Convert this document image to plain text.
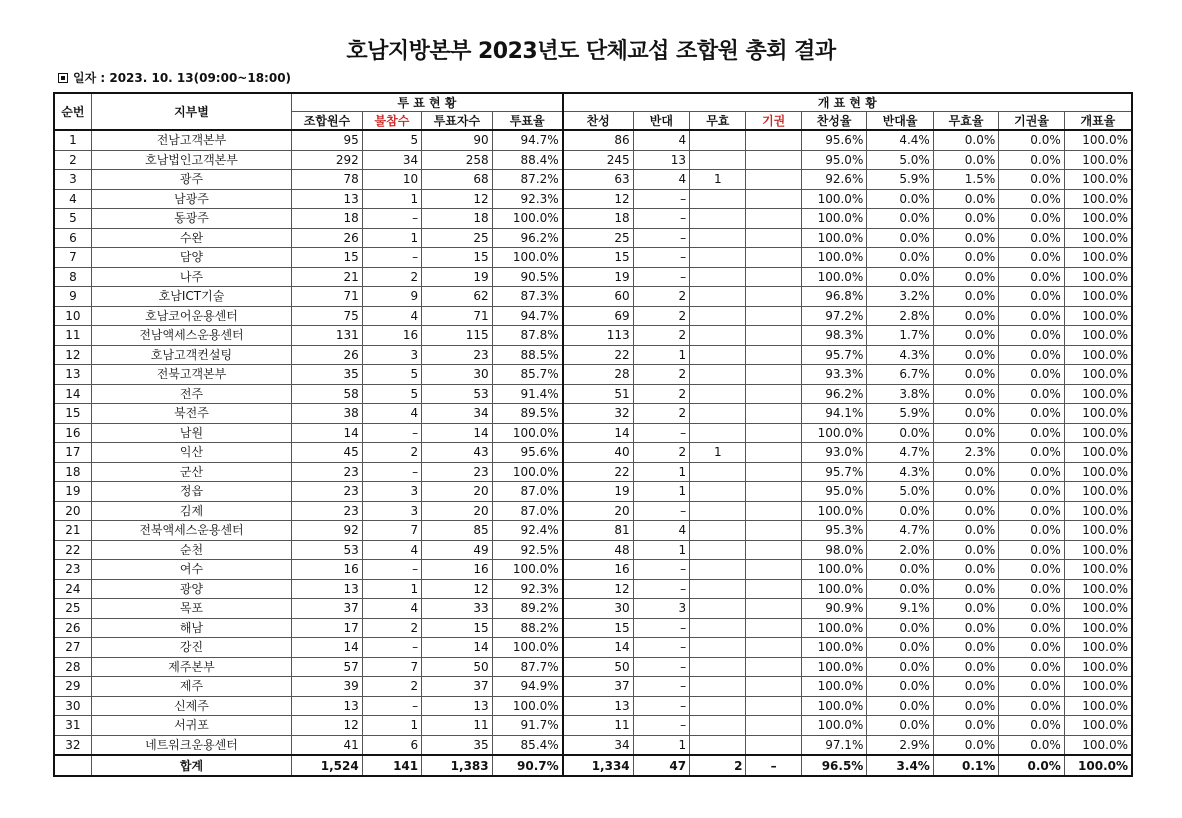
호남지방본부 2023년도 단체교섭 조합원 총회 결과
일자 : 2023. 10. 13(09:00~18:00)
순번	지부별	투 표 현 황				개 표 현 황								
		조합원수	불참수	투표자수	투표율	찬성	반대	무효	기권	찬성율	반대율	무효율	기권율	개표율
1	전남고객본부	95	5	90	94.7%	86	4			95.6%	4.4%	0.0%	0.0%	100.0%
2	호남법인고객본부	292	34	258	88.4%	245	13			95.0%	5.0%	0.0%	0.0%	100.0%
3	광주	78	10	68	87.2%	63	4	1		92.6%	5.9%	1.5%	0.0%	100.0%
4	남광주	13	1	12	92.3%	12	–			100.0%	0.0%	0.0%	0.0%	100.0%
5	동광주	18	–	18	100.0%	18	–			100.0%	0.0%	0.0%	0.0%	100.0%
6	수완	26	1	25	96.2%	25	–			100.0%	0.0%	0.0%	0.0%	100.0%
7	담양	15	–	15	100.0%	15	–			100.0%	0.0%	0.0%	0.0%	100.0%
8	나주	21	2	19	90.5%	19	–			100.0%	0.0%	0.0%	0.0%	100.0%
9	호남ICT기술	71	9	62	87.3%	60	2			96.8%	3.2%	0.0%	0.0%	100.0%
10	호남코어운용센터	75	4	71	94.7%	69	2			97.2%	2.8%	0.0%	0.0%	100.0%
11	전남액세스운용센터	131	16	115	87.8%	113	2			98.3%	1.7%	0.0%	0.0%	100.0%
12	호남고객컨설팅	26	3	23	88.5%	22	1			95.7%	4.3%	0.0%	0.0%	100.0%
13	전북고객본부	35	5	30	85.7%	28	2			93.3%	6.7%	0.0%	0.0%	100.0%
14	전주	58	5	53	91.4%	51	2			96.2%	3.8%	0.0%	0.0%	100.0%
15	북전주	38	4	34	89.5%	32	2			94.1%	5.9%	0.0%	0.0%	100.0%
16	남원	14	–	14	100.0%	14	–			100.0%	0.0%	0.0%	0.0%	100.0%
17	익산	45	2	43	95.6%	40	2	1		93.0%	4.7%	2.3%	0.0%	100.0%
18	군산	23	–	23	100.0%	22	1			95.7%	4.3%	0.0%	0.0%	100.0%
19	정읍	23	3	20	87.0%	19	1			95.0%	5.0%	0.0%	0.0%	100.0%
20	김제	23	3	20	87.0%	20	–			100.0%	0.0%	0.0%	0.0%	100.0%
21	전북액세스운용센터	92	7	85	92.4%	81	4			95.3%	4.7%	0.0%	0.0%	100.0%
22	순천	53	4	49	92.5%	48	1			98.0%	2.0%	0.0%	0.0%	100.0%
23	여수	16	–	16	100.0%	16	–			100.0%	0.0%	0.0%	0.0%	100.0%
24	광양	13	1	12	92.3%	12	–			100.0%	0.0%	0.0%	0.0%	100.0%
25	목포	37	4	33	89.2%	30	3			90.9%	9.1%	0.0%	0.0%	100.0%
26	해남	17	2	15	88.2%	15	–			100.0%	0.0%	0.0%	0.0%	100.0%
27	강진	14	–	14	100.0%	14	–			100.0%	0.0%	0.0%	0.0%	100.0%
28	제주본부	57	7	50	87.7%	50	–			100.0%	0.0%	0.0%	0.0%	100.0%
29	제주	39	2	37	94.9%	37	–			100.0%	0.0%	0.0%	0.0%	100.0%
30	신제주	13	–	13	100.0%	13	–			100.0%	0.0%	0.0%	0.0%	100.0%
31	서귀포	12	1	11	91.7%	11	–			100.0%	0.0%	0.0%	0.0%	100.0%
32	네트워크운용센터	41	6	35	85.4%	34	1			97.1%	2.9%	0.0%	0.0%	100.0%
	합계	1,524	141	1,383	90.7%	1,334	47	2	–	96.5%	3.4%	0.1%	0.0%	100.0%
